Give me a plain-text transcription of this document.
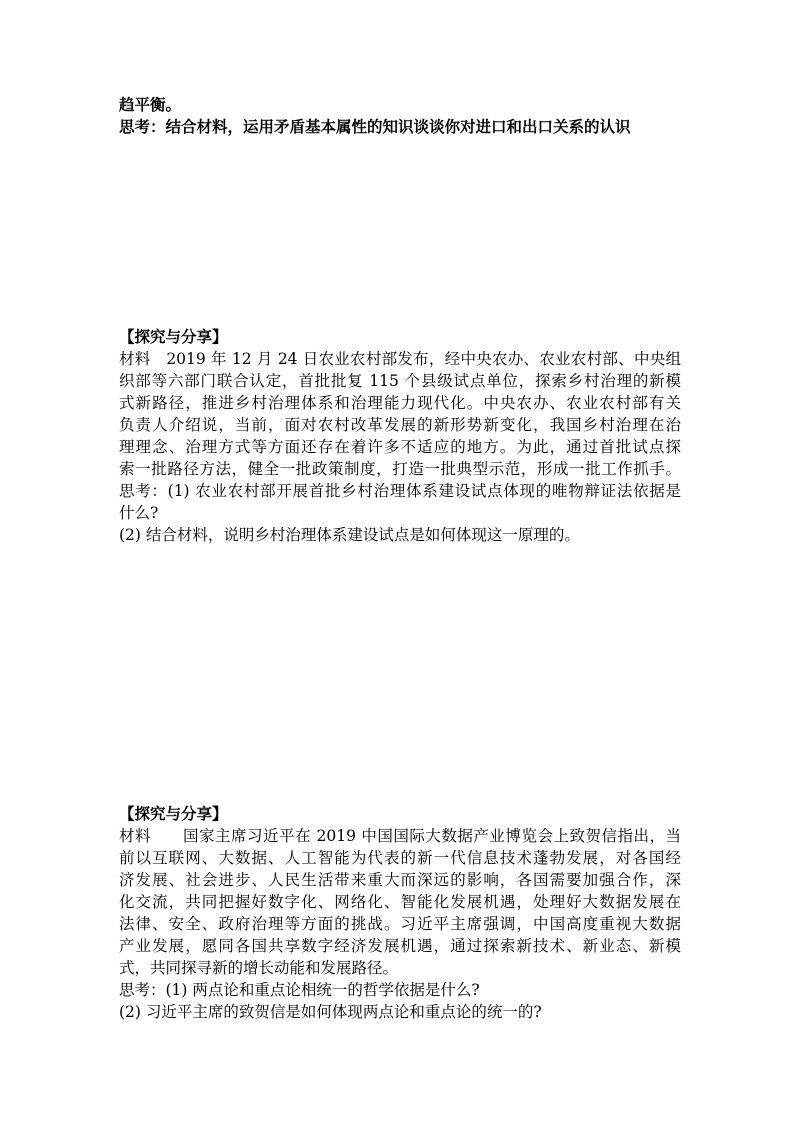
趋平衡。
思考：结合材料，运用矛盾基本属性的知识谈谈你对进口和出口关系的认识
【探究与分享】
材料　2019 年 12 月 24 日农业农村部发布，经中央农办、农业农村部、中央组
织部等六部门联合认定，首批批复 115 个县级试点单位，探索乡村治理的新模
式新路径，推进乡村治理体系和治理能力现代化。中央农办、农业农村部有关
负责人介绍说，当前，面对农村改革发展的新形势新变化，我国乡村治理在治
理理念、治理方式等方面还存在着许多不适应的地方。为此，通过首批试点探
索一批路径方法，健全一批政策制度，打造一批典型示范，形成一批工作抓手。
思考：(1) 农业农村部开展首批乡村治理体系建设试点体现的唯物辩证法依据是
什么?
(2) 结合材料，说明乡村治理体系建设试点是如何体现这一原理的。
【探究与分享】
材料　　国家主席习近平在 2019 中国国际大数据产业博览会上致贺信指出，当
前以互联网、大数据、人工智能为代表的新一代信息技术蓬勃发展，对各国经
济发展、社会进步、人民生活带来重大而深远的影响，各国需要加强合作，深
化交流，共同把握好数字化、网络化、智能化发展机遇，处理好大数据发展在
法律、安全、政府治理等方面的挑战。习近平主席强调，中国高度重视大数据
产业发展，愿同各国共享数字经济发展机遇，通过探索新技术、新业态、新模
式，共同探寻新的增长动能和发展路径。
思考：(1) 两点论和重点论相统一的哲学依据是什么?
(2) 习近平主席的致贺信是如何体现两点论和重点论的统一的?
